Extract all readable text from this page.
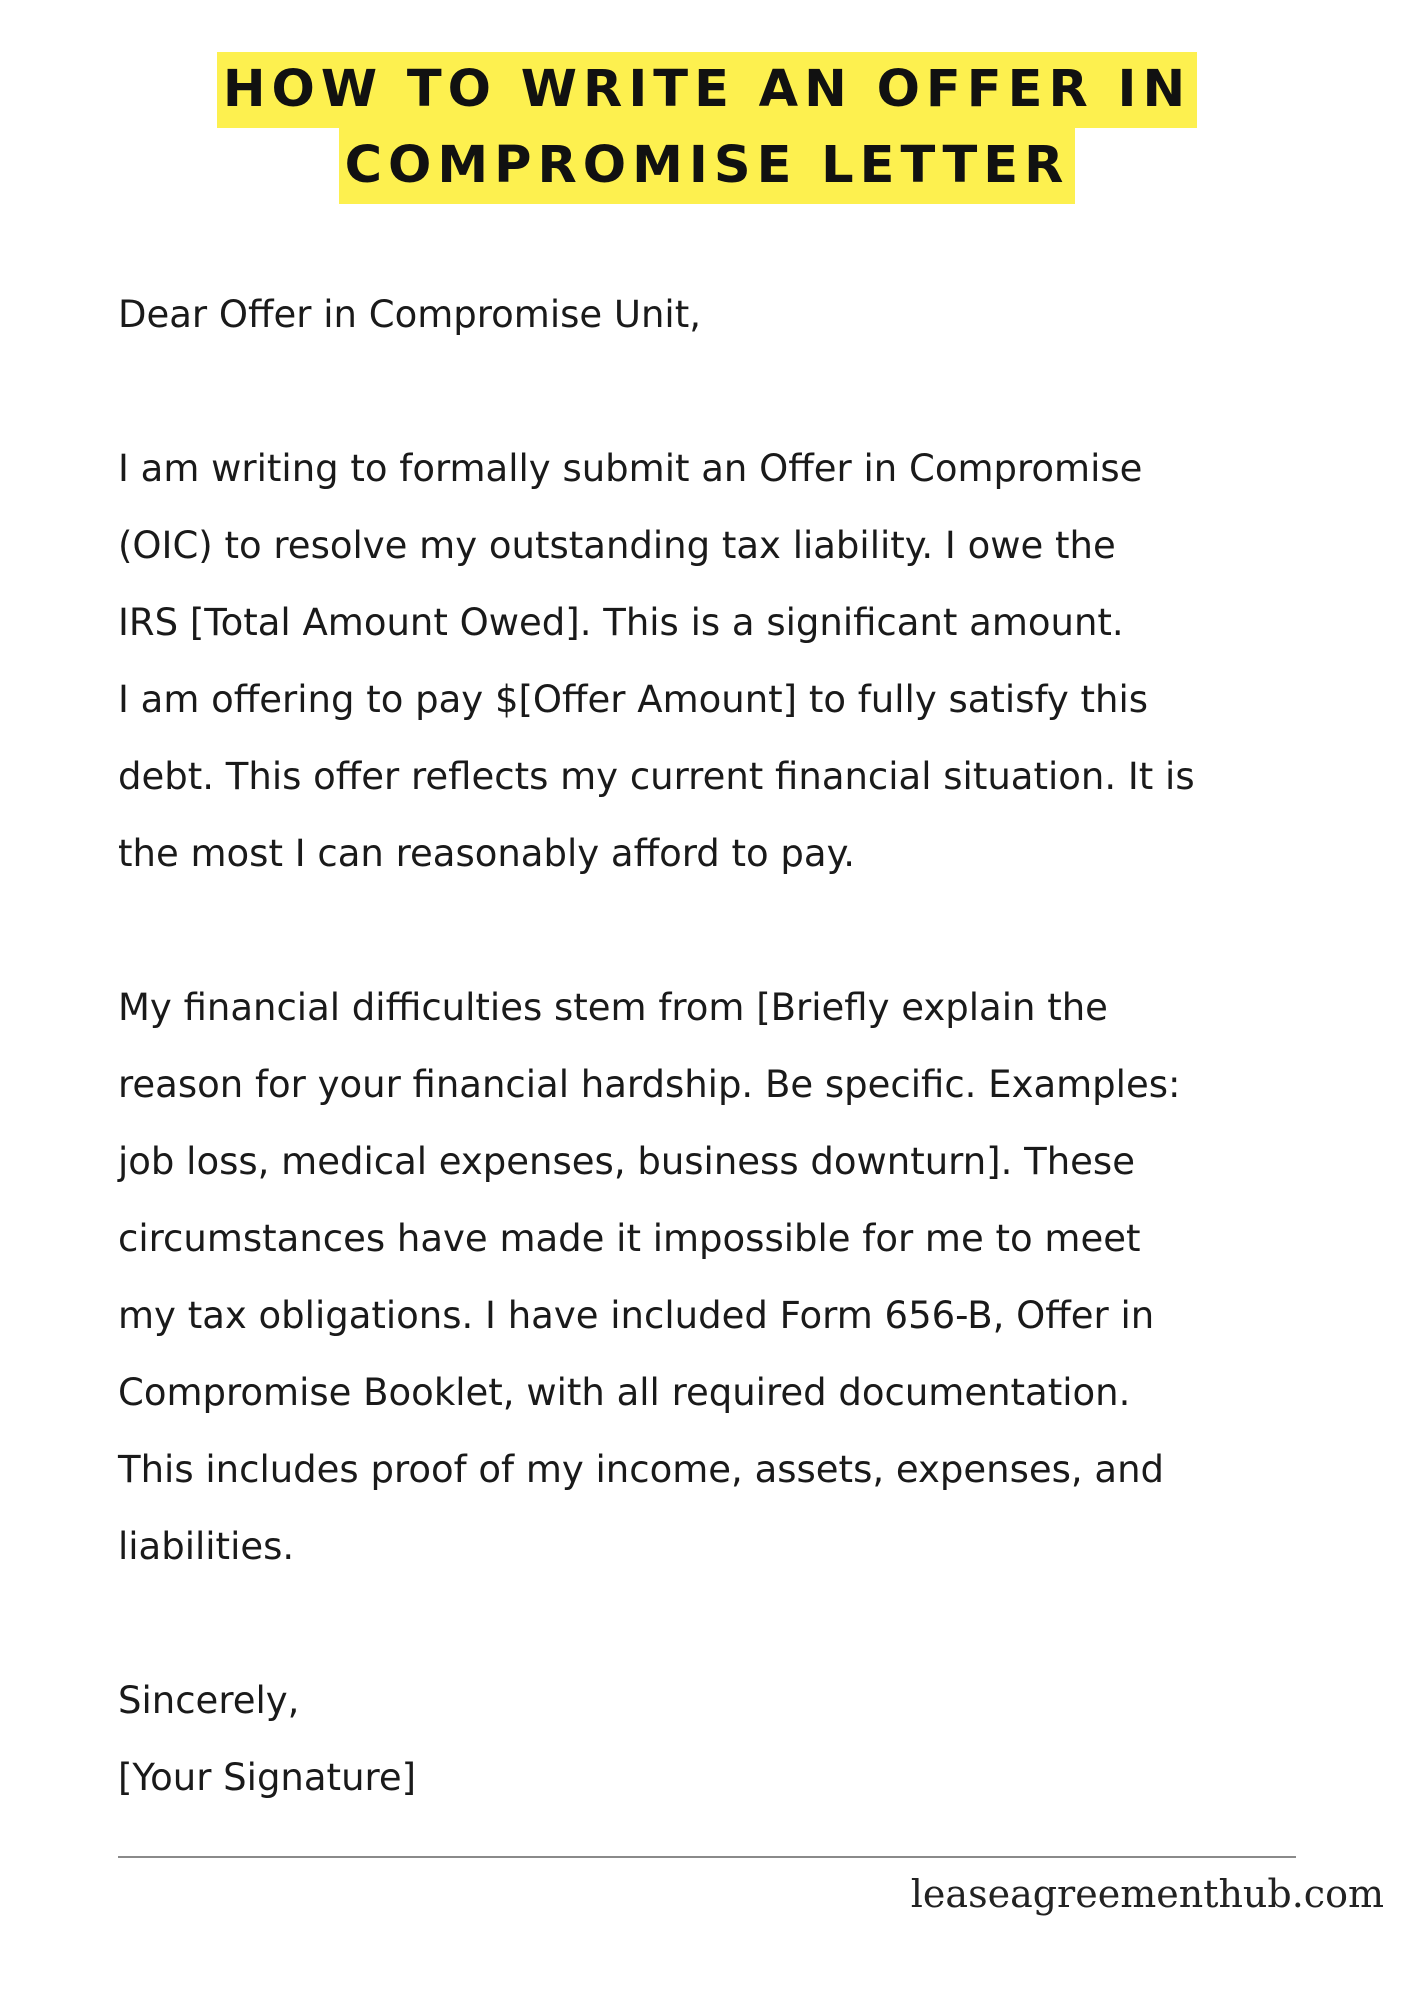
HOW TO WRITE AN OFFER IN
COMPROMISE LETTER

Dear Offer in Compromise Unit,

I am writing to formally submit an Offer in Compromise

(OIC) to resolve my outstanding tax liability. I owe the

IRS [Total Amount Owed]. This is a significant amount.

I am offering to pay $[Offer Amount] to fully satisfy this

debt. This offer reflects my current financial situation. It is

the most I can reasonably afford to pay.

My financial difficulties stem from [Briefly explain the

reason for your financial hardship. Be specific. Examples:

job loss, medical expenses, business downturn]. These

circumstances have made it impossible for me to meet

my tax obligations. I have included Form 656-B, Offer in

Compromise Booklet, with all required documentation.

This includes proof of my income, assets, expenses, and

liabilities.

Sincerely,

[Your Signature]

leaseagreementhub.com
